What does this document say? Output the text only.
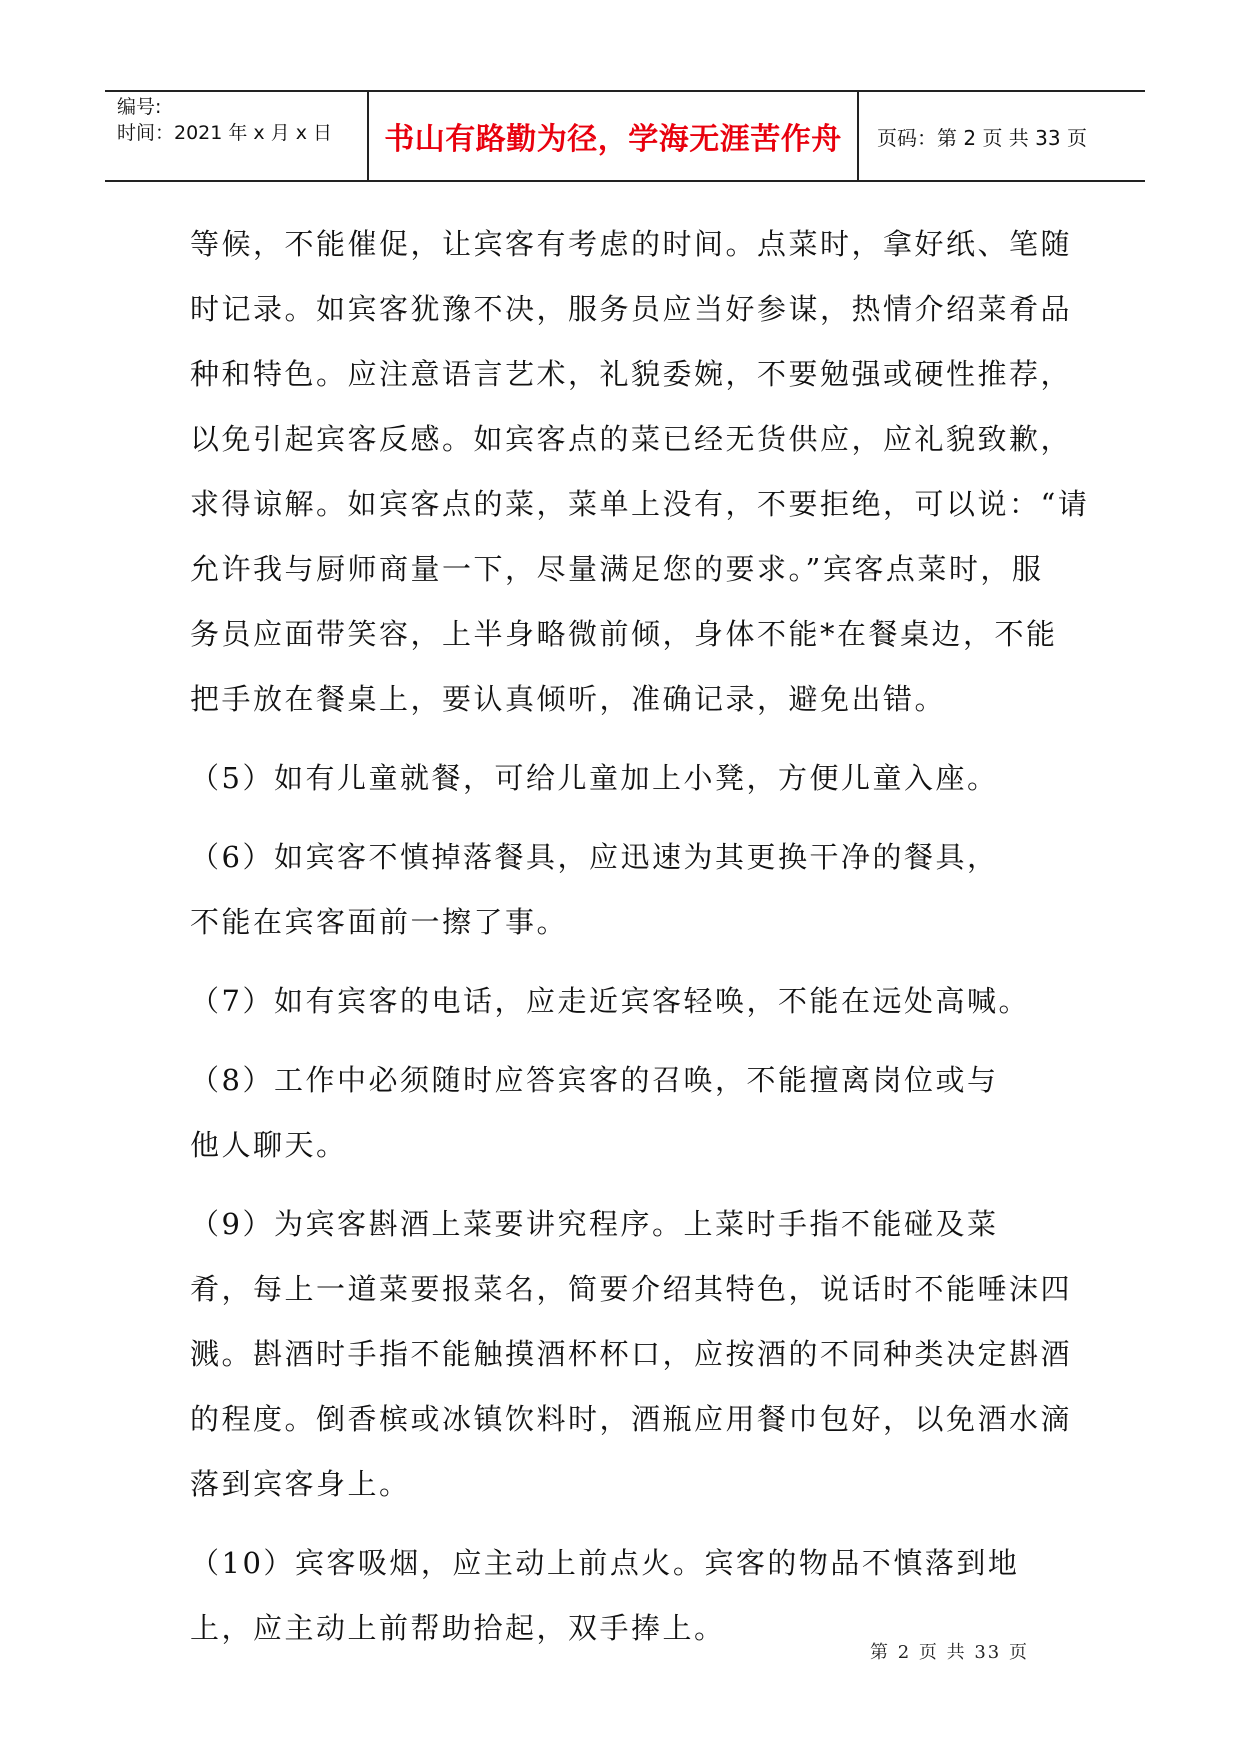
编号:
时间：2021 年 x 月 x 日	书山有路勤为径，学海无涯苦作舟	页码：第 2 页 共 33 页
等候，不能催促，让宾客有考虑的时间。点菜时，拿好纸、笔随
时记录。如宾客犹豫不决，服务员应当好参谋，热情介绍菜肴品
种和特色。应注意语言艺术，礼貌委婉，不要勉强或硬性推荐，
以免引起宾客反感。如宾客点的菜已经无货供应，应礼貌致歉，
求得谅解。如宾客点的菜，菜单上没有，不要拒绝，可以说：“请
允许我与厨师商量一下，尽量满足您的要求。”宾客点菜时，服
务员应面带笑容，上半身略微前倾，身体不能*在餐桌边，不能
把手放在餐桌上，要认真倾听，准确记录，避免出错。
（5）如有儿童就餐，可给儿童加上小凳，方便儿童入座。
（6）如宾客不慎掉落餐具，应迅速为其更换干净的餐具，
不能在宾客面前一擦了事。
（7）如有宾客的电话，应走近宾客轻唤，不能在远处高喊。
（8）工作中必须随时应答宾客的召唤，不能擅离岗位或与
他人聊天。
（9）为宾客斟酒上菜要讲究程序。上菜时手指不能碰及菜
肴，每上一道菜要报菜名，简要介绍其特色，说话时不能唾沫四
溅。斟酒时手指不能触摸酒杯杯口，应按酒的不同种类决定斟酒
的程度。倒香槟或冰镇饮料时，酒瓶应用餐巾包好，以免酒水滴
落到宾客身上。
（10）宾客吸烟，应主动上前点火。宾客的物品不慎落到地
上，应主动上前帮助拾起，双手捧上。
第 2 页 共 33 页
